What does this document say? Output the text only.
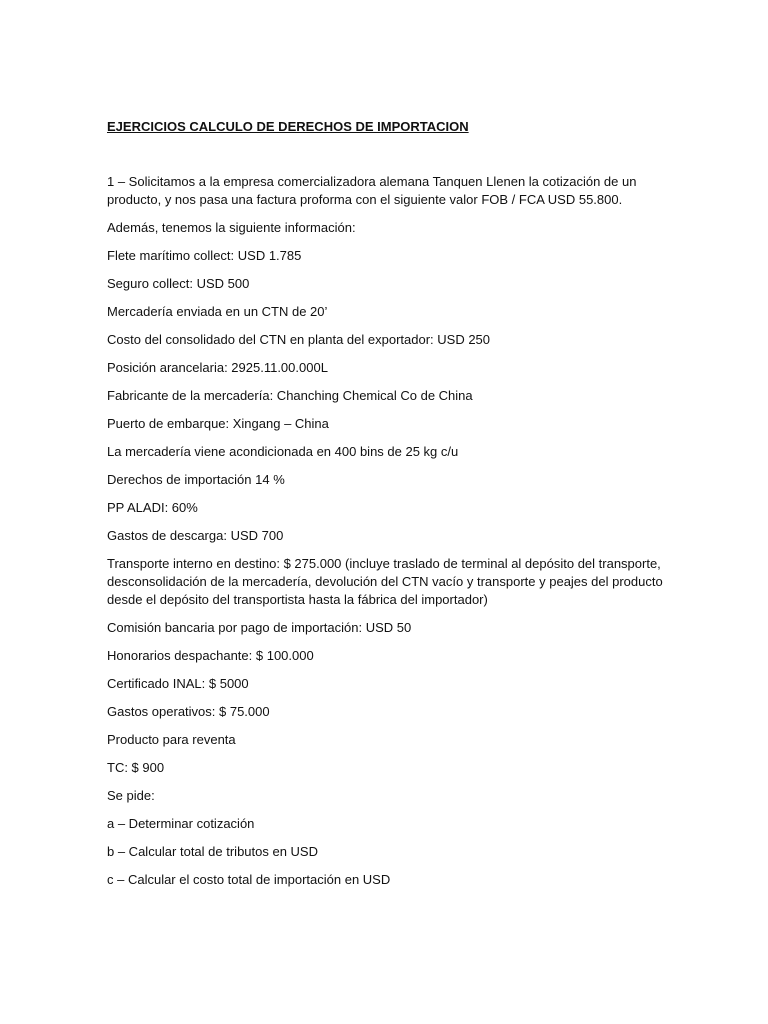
EJERCICIOS CALCULO DE DERECHOS DE IMPORTACION

1 – Solicitamos a la empresa comercializadora alemana Tanquen Llenen la cotización de un producto, y nos pasa una factura proforma con el siguiente valor FOB / FCA USD 55.800.

Además, tenemos la siguiente información:

Flete marítimo collect: USD 1.785

Seguro collect: USD 500

Mercadería enviada en un CTN de 20’

Costo del consolidado del CTN en planta del exportador: USD 250

Posición arancelaria: 2925.11.00.000L

Fabricante de la mercadería: Chanching Chemical Co de China

Puerto de embarque: Xingang – China

La mercadería viene acondicionada en 400 bins de 25 kg c/u

Derechos de importación 14 %

PP ALADI: 60%

Gastos de descarga: USD 700

Transporte interno en destino: $ 275.000 (incluye traslado de terminal al depósito del transporte, desconsolidación de la mercadería, devolución del CTN vacío y transporte y peajes del producto desde el depósito del transportista hasta la fábrica del importador)

Comisión bancaria por pago de importación: USD 50

Honorarios despachante: $ 100.000

Certificado INAL: $ 5000

Gastos operativos: $ 75.000

Producto para reventa

TC: $ 900

Se pide:

a – Determinar cotización

b – Calcular total de tributos en USD

c – Calcular el costo total de importación en USD
